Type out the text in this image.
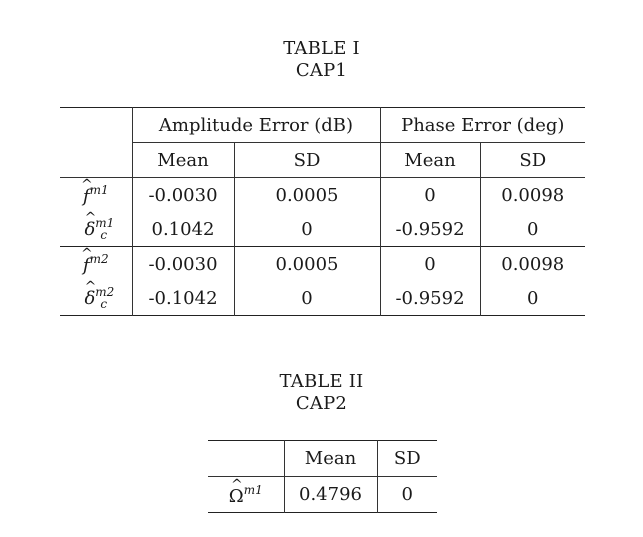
TABLE I
CAP1
	Amplitude Error (dB)		Phase Error (deg)	
	Mean	SD	Mean	SD
^ $f^{m1}$	-0.0030	0.0005	0	0.0098
^ $\delta^{m1}_c$	0.1042	0	-0.9592	0
^ $f^{m2}$	-0.0030	0.0005	0	0.0098
^ $\delta^{m2}_c$	-0.1042	0	-0.9592	0
TABLE II
CAP2
	Mean	SD
^ $\Omega^{m1}$	0.4796	0
